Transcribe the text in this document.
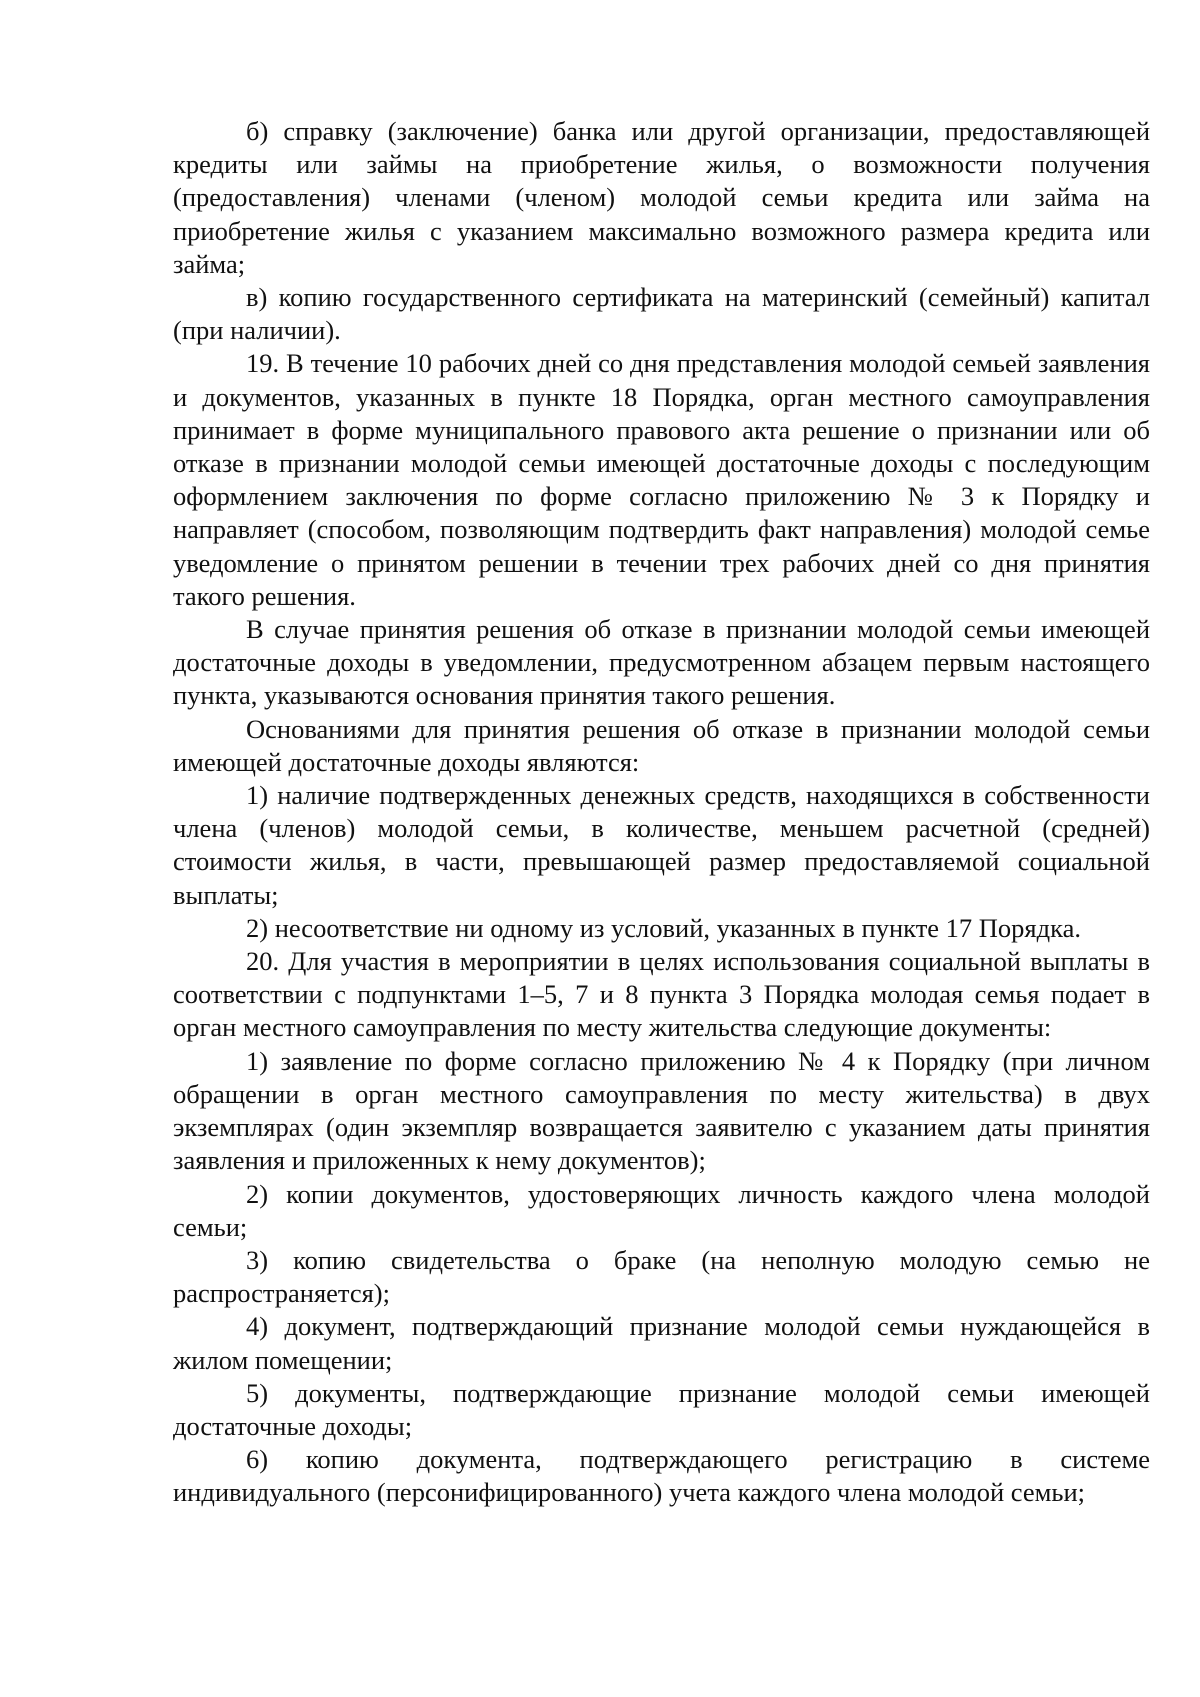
б) справку (заключение) банка или другой организации, предоставляющей кредиты или займы на приобретение жилья, о возможности получения (предоставления) членами (членом) молодой семьи кредита или займа на приобретение жилья с указанием максимально возможного размера кредита или займа;

в) копию государственного сертификата на материнский (семейный) капитал (при наличии).

19. В течение 10 рабочих дней со дня представления молодой семьей заявления и документов, указанных в пункте 18 Порядка, орган местного самоуправления принимает в форме муниципального правового акта решение о признании или об отказе в признании молодой семьи имеющей достаточные доходы с последующим оформлением заключения по форме согласно приложению № 3 к Порядку и направляет (способом, позволяющим подтвердить факт направления) молодой семье уведомление о принятом решении в течении трех рабочих дней со дня принятия такого решения.

В случае принятия решения об отказе в признании молодой семьи имеющей достаточные доходы в уведомлении, предусмотренном абзацем первым настоящего пункта, указываются основания принятия такого решения.

Основаниями для принятия решения об отказе в признании молодой семьи имеющей достаточные доходы являются:

1) наличие подтвержденных денежных средств, находящихся в собственности члена (членов) молодой семьи, в количестве, меньшем расчетной (средней) стоимости жилья, в части, превышающей размер предоставляемой социальной выплаты;

2) несоответствие ни одному из условий, указанных в пункте 17 Порядка.

20. Для участия в мероприятии в целях использования социальной выплаты в соответствии с подпунктами 1–5, 7 и 8 пункта 3 Порядка молодая семья подает в орган местного самоуправления по месту жительства следующие документы:

1) заявление по форме согласно приложению № 4 к Порядку (при личном обращении в орган местного самоуправления по месту жительства) в двух экземплярах (один экземпляр возвращается заявителю с указанием даты принятия заявления и приложенных к нему документов);

2) копии документов, удостоверяющих личность каждого члена молодой семьи;

3) копию свидетельства о браке (на неполную молодую семью не распространяется);

4) документ, подтверждающий признание молодой семьи нуждающейся в жилом помещении;

5) документы, подтверждающие признание молодой семьи имеющей достаточные доходы;

6) копию документа, подтверждающего регистрацию в системе индивидуального (персонифицированного) учета каждого члена молодой семьи;
